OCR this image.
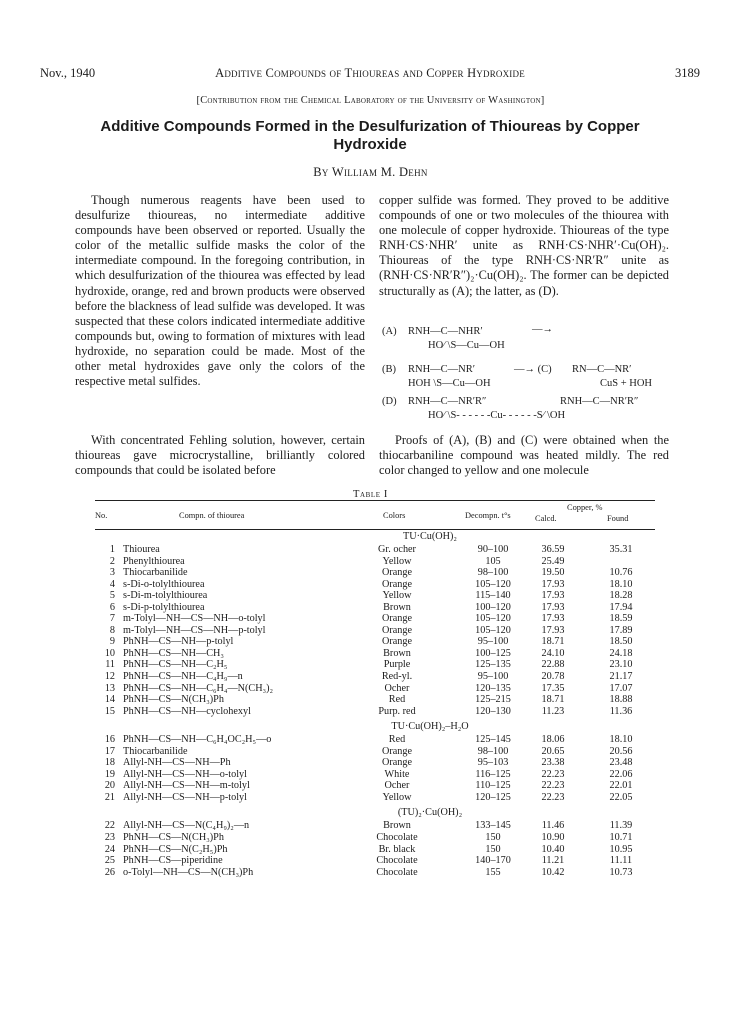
Nov., 1940	Additive Compounds of Thioureas and Copper Hydroxide	3189
[Contribution from the Chemical Laboratory of the University of Washington]
Additive Compounds Formed in the Desulfurization of Thioureas by Copper
Hydroxide
By William M. Dehn

Though numerous reagents have been used to desulfurize thioureas, no intermediate additive compounds have been observed or reported. Usually the color of the metallic sulfide masks the color of the intermediate compound. In the foregoing contribution, in which desulfurization of the thiourea was effected by lead hydroxide, orange, red and brown products were observed before the blackness of lead sulfide was developed. It was suspected that these colors indicated intermediate additive compounds but, owing to formation of mixtures with lead hydroxide, no separation could be made. Most of the other metal hydroxides gave only the colors of the respective metal sulfides.

copper sulfide was formed. They proved to be additive compounds of one or two molecules of the thiourea with one molecule of copper hydroxide. Thioureas of the type RNH·CS·NHR′ unite as RNH·CS·NHR′·Cu(OH)₂. Thioureas of the type RNH·CS·NR′R″ unite as (RNH·CS·NR′R″)₂·Cu(OH)₂. The former can be depicted structurally as (A); the latter, as (D).

(A) RNH—C—NHR′	—→
HO⁄ \S—Cu—OH
(B) RNH—C—NR′	—→ (C) RN—C—NR′
HOH \S—Cu—OH	CuS + HOH
(D) RNH—C—NR′R″	RNH—C—NR′R″
HO⁄ \S- - - - - -Cu- - - - - -S⁄ \OH

With concentrated Fehling solution, however, certain thioureas gave microcrystalline, brilliantly colored compounds that could be isolated before

Proofs of (A), (B) and (C) were obtained when the thiocarbaniline compound was heated mildly. The red color changed to yellow and one molecule

Table I
No.	Compn. of thiourea	Colors	Decompn. t°s
Copper, %
Calcd.	Found
TU·Cu(OH)₂
1 Thiourea	Gr. ocher	90–100	36.59	35.31
2 Phenylthiourea	Yellow	105	25.49
3 Thiocarbanilide	Orange	98–100	19.50	10.76
4 s-Di-o-tolylthiourea	Orange	105–120	17.93	18.10
5 s-Di-m-tolylthiourea	Yellow	115–140	17.93	18.28
6 s-Di-p-tolylthiourea	Brown	100–120	17.93	17.94
7 m-Tolyl—NH—CS—NH—o-tolyl	Orange	105–120	17.93	18.59
8 m-Tolyl—NH—CS—NH—p-tolyl	Orange	105–120	17.93	17.89
9 PhNH—CS—NH—p-tolyl	Orange	95–100	18.71	18.50
10 PhNH—CS—NH—CH₃	Brown	100–125	24.10	24.18
11 PhNH—CS—NH—C₂H₅	Purple	125–135	22.88	23.10
12 PhNH—CS—NH—C₄H₉—n	Red-yl.	95–100	20.78	21.17
13 PhNH—CS—NH—C₆H₄—N(CH₃)₂	Ocher	120–135	17.35	17.07
14 PhNH—CS—N(CH₃)Ph	Red	125–215	18.71	18.88
15 PhNH—CS—NH—cyclohexyl	Purp. red	120–130	11.23	11.36
TU·Cu(OH)₂–H₂O
16 PhNH—CS—NH—C₆H₄OC₂H₅—o	Red	125–145	18.06	18.10
17 Thiocarbanilide	Orange	98–100	20.65	20.56
18 Allyl-NH—CS—NH—Ph	Orange	95–103	23.38	23.48
19 Allyl-NH—CS—NH—o-tolyl	White	116–125	22.23	22.06
20 Allyl-NH—CS—NH—m-tolyl	Ocher	110–125	22.23	22.01
21 Allyl-NH—CS—NH—p-tolyl	Yellow	120–125	22.23	22.05
(TU)₂·Cu(OH)₂
22 Allyl-NH—CS—N(C₄H₉)₂—n	Brown	133–145	11.46	11.39
23 PhNH—CS—N(CH₃)Ph	Chocolate	150	10.90	10.71
24 PhNH—CS—N(C₂H₅)Ph	Br. black	150	10.40	10.95
25 PhNH—CS—piperidine	Chocolate	140–170	11.21	11.11
26 o-Tolyl—NH—CS—N(CH₃)Ph	Chocolate	155	10.42	10.73
